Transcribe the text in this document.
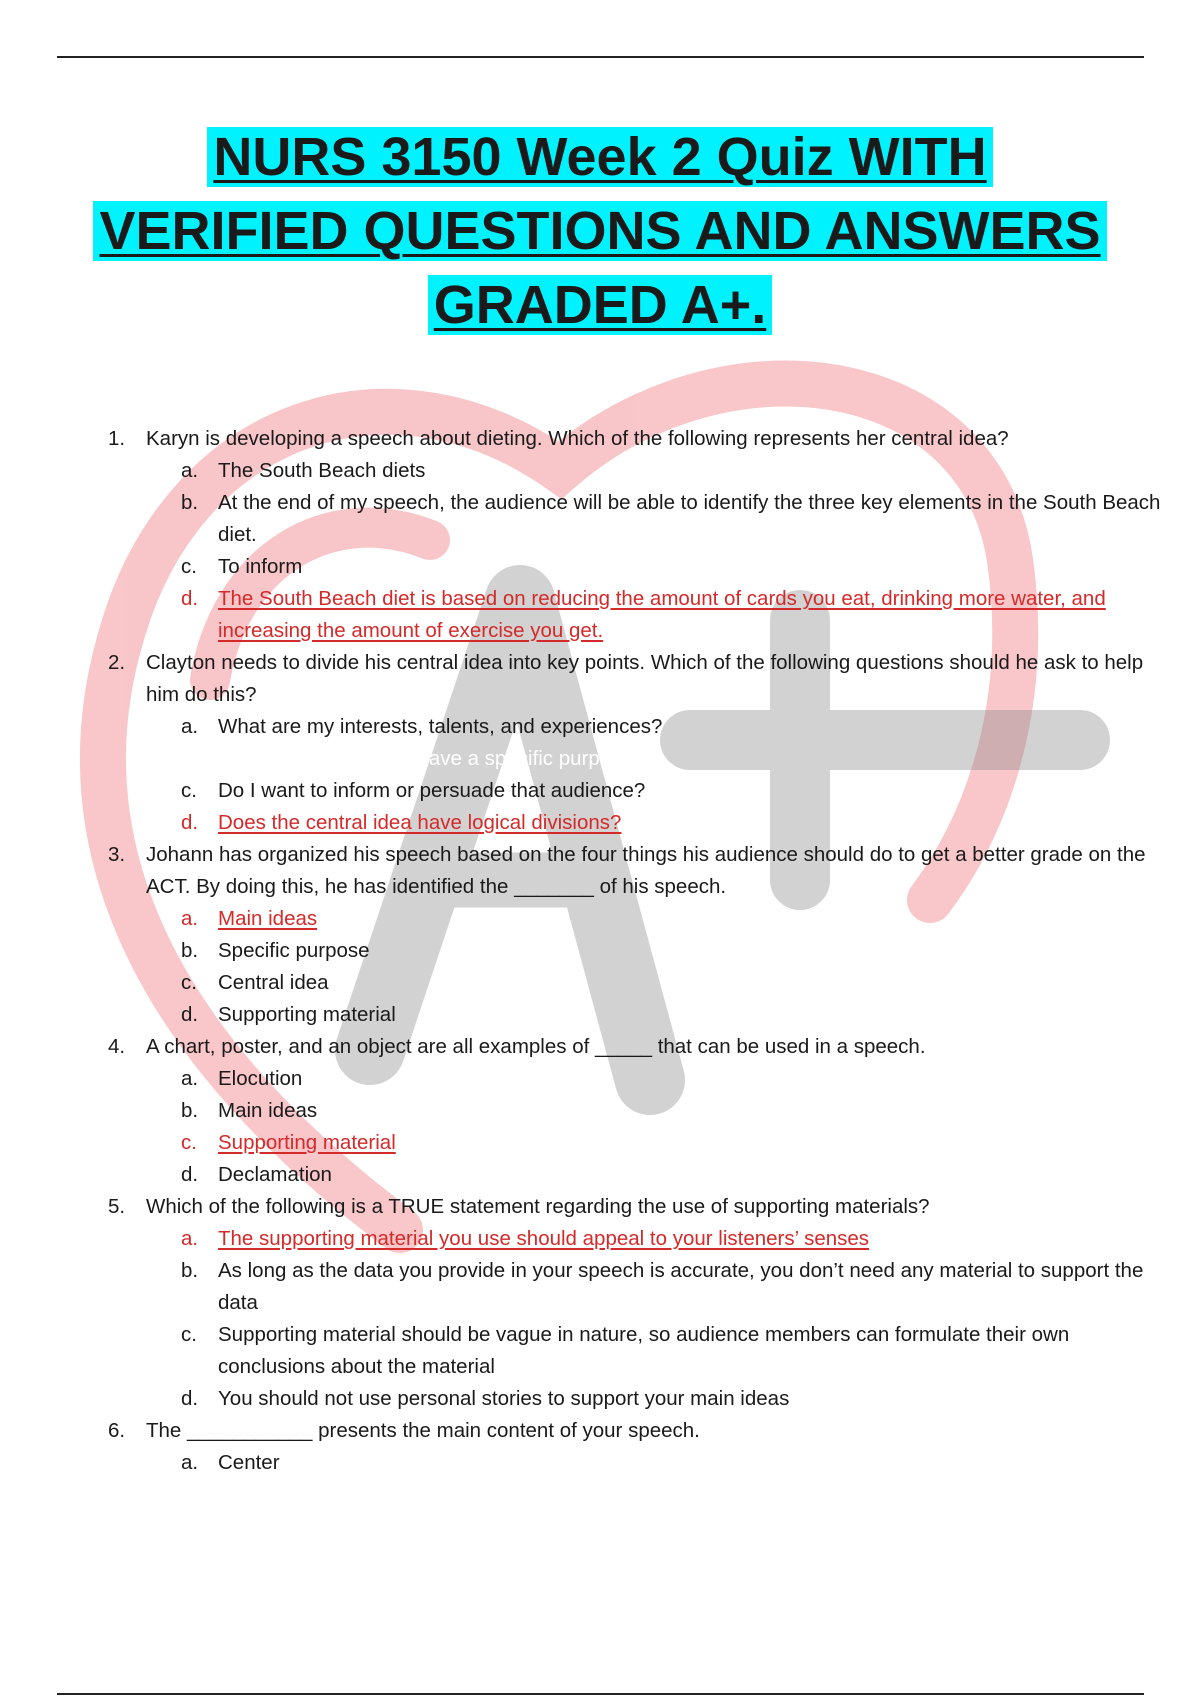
NURS 3150 Week 2 Quiz WITH

VERIFIED QUESTIONS AND ANSWERS

GRADED A+.

1. Karyn is developing a speech about dieting. Which of the following represents her central idea?
a. The South Beach diets
b. At the end of my speech, the audience will be able to identify the three key elements in the South Beach diet.
c. To inform
d. The South Beach diet is based on reducing the amount of cards you eat, drinking more water, and increasing the amount of exercise you get.
2. Clayton needs to divide his central idea into key points. Which of the following questions should he ask to help him do this?
a. What are my interests, talents, and experiences?
b. Does the central idea have a specific purpose?
c. Do I want to inform or persuade that audience?
d. Does the central idea have logical divisions?
3. Johann has organized his speech based on the four things his audience should do to get a better grade on the ACT. By doing this, he has identified the _______ of his speech.
a. Main ideas
b. Specific purpose
c. Central idea
d. Supporting material
4. A chart, poster, and an object are all examples of _____ that can be used in a speech.
a. Elocution
b. Main ideas
c. Supporting material
d. Declamation
5. Which of the following is a TRUE statement regarding the use of supporting materials?
a. The supporting material you use should appeal to your listeners’ senses
b. As long as the data you provide in your speech is accurate, you don’t need any material to support the data
c. Supporting material should be vague in nature, so audience members can formulate their own conclusions about the material
d. You should not use personal stories to support your main ideas
6. The ___________ presents the main content of your speech.
a. Center
